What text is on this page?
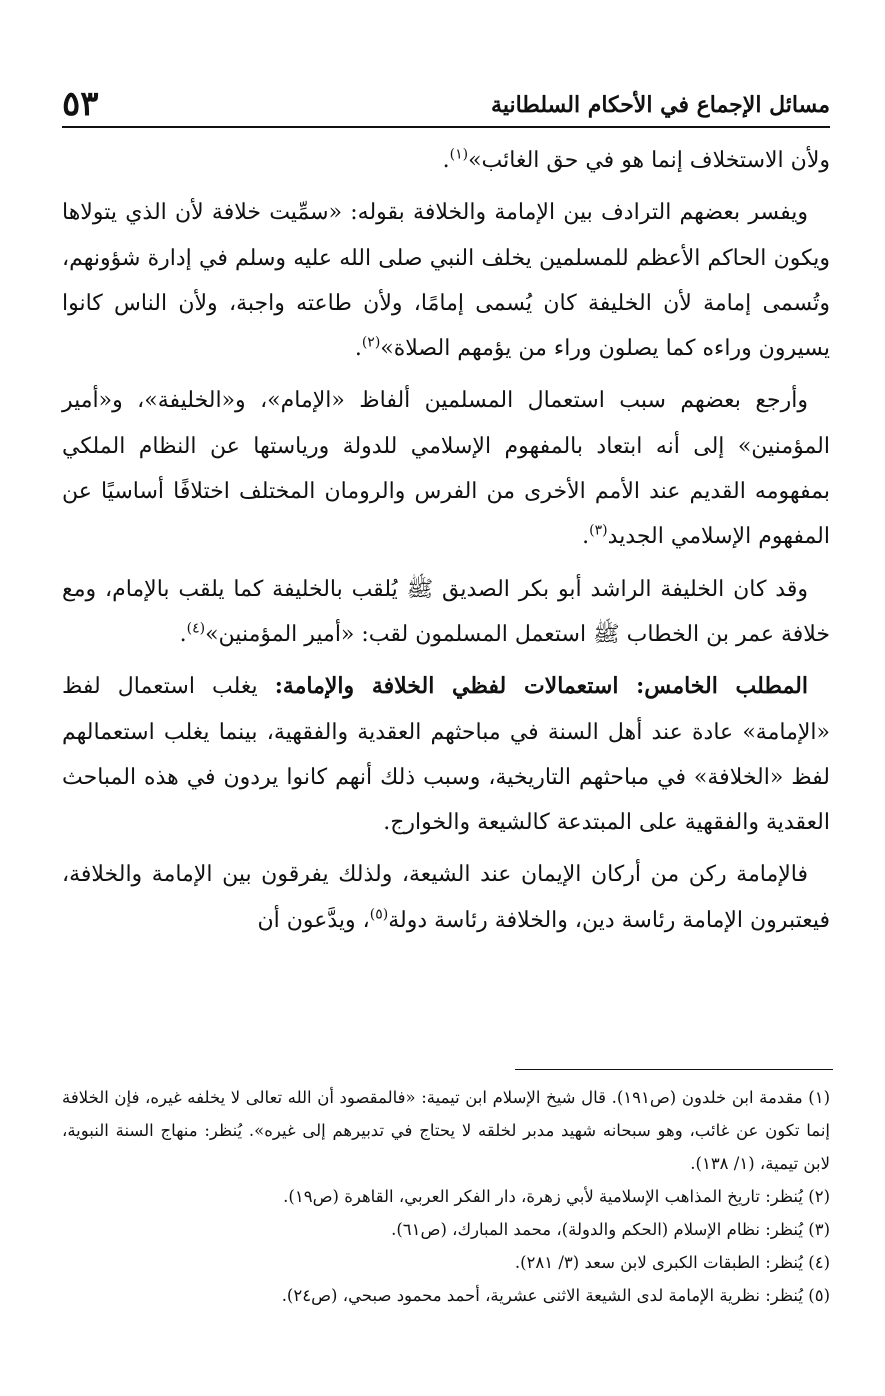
مسائل الإجماع في الأحكام السلطانية
٥٣

ولأن الاستخلاف إنما هو في حق الغائب»$^{(١)}$.

ويفسر بعضهم الترادف بين الإمامة والخلافة بقوله: «سمِّيت خلافة لأن الذي يتولاها ويكون الحاكم الأعظم للمسلمين يخلف النبي صلى الله عليه وسلم في إدارة شؤونهم، وتُسمى إمامة لأن الخليفة كان يُسمى إمامًا، ولأن طاعته واجبة، ولأن الناس كانوا يسيرون وراءه كما يصلون وراء من يؤمهم الصلاة»$^{(٢)}$.

وأرجع بعضهم سبب استعمال المسلمين ألفاظ «الإمام»، و«الخليفة»، و«أمير المؤمنين» إلى أنه ابتعاد بالمفهوم الإسلامي للدولة ورياستها عن النظام الملكي بمفهومه القديم عند الأمم الأخرى من الفرس والرومان المختلف اختلافًا أساسيًا عن المفهوم الإسلامي الجديد$^{(٣)}$.

وقد كان الخليفة الراشد أبو بكر الصديق ﷺ يُلقب بالخليفة كما يلقب بالإمام، ومع خلافة عمر بن الخطاب ﷺ استعمل المسلمون لقب: «أمير المؤمنين»$^{(٤)}$.

المطلب الخامس: استعمالات لفظي الخلافة والإمامة: يغلب استعمال لفظ «الإمامة» عادة عند أهل السنة في مباحثهم العقدية والفقهية، بينما يغلب استعمالهم لفظ «الخلافة» في مباحثهم التاريخية، وسبب ذلك أنهم كانوا يردون في هذه المباحث العقدية والفقهية على المبتدعة كالشيعة والخوارج.

فالإمامة ركن من أركان الإيمان عند الشيعة، ولذلك يفرقون بين الإمامة والخلافة، فيعتبرون الإمامة رئاسة دين، والخلافة رئاسة دولة$^{(٥)}$، ويدَّعون أن

(١) مقدمة ابن خلدون (ص١٩١). قال شيخ الإسلام ابن تيمية: «فالمقصود أن الله تعالى لا يخلفه غيره، فإن الخلافة إنما تكون عن غائب، وهو سبحانه شهيد مدبر لخلقه لا يحتاج في تدبيرهم إلى غيره». يُنظر: منهاج السنة النبوية، لابن تيمية، (١/ ١٣٨).

(٢) يُنظر: تاريخ المذاهب الإسلامية لأبي زهرة، دار الفكر العربي، القاهرة (ص١٩).

(٣) يُنظر: نظام الإسلام (الحكم والدولة)، محمد المبارك، (ص٦١).

(٤) يُنظر: الطبقات الكبرى لابن سعد (٣/ ٢٨١).

(٥) يُنظر: نظرية الإمامة لدى الشيعة الاثنى عشرية، أحمد محمود صبحي، (ص٢٤).
